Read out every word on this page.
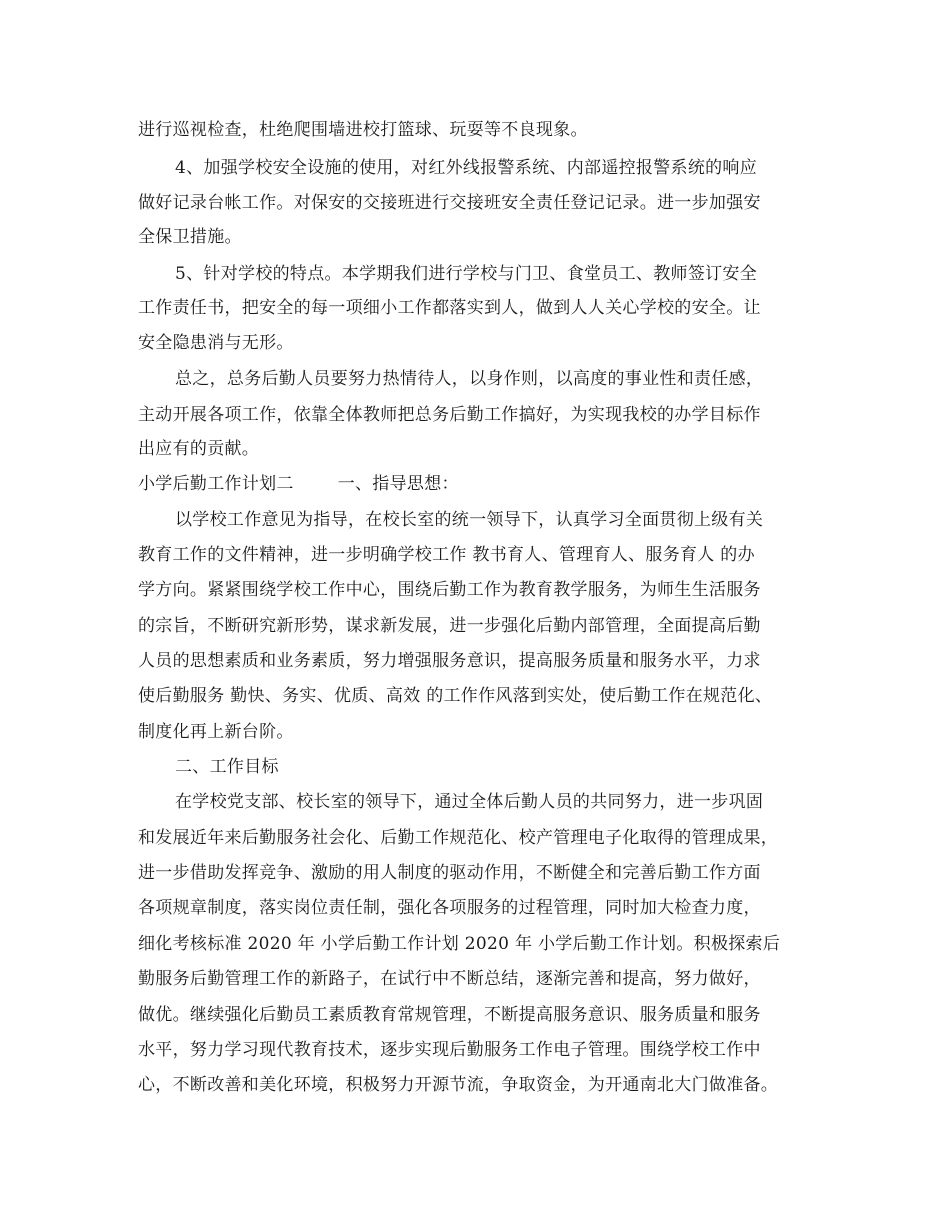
进行巡视检查，杜绝爬围墙进校打篮球、玩耍等不良现象。
4、加强学校安全设施的使用，对红外线报警系统、内部遥控报警系统的响应
做好记录台帐工作。对保安的交接班进行交接班安全责任登记记录。进一步加强安
全保卫措施。
5、针对学校的特点。本学期我们进行学校与门卫、食堂员工、教师签订安全
工作责任书，把安全的每一项细小工作都落实到人，做到人人关心学校的安全。让
安全隐患消与无形。
总之，总务后勤人员要努力热情待人，以身作则，以高度的事业性和责任感，
主动开展各项工作，依靠全体教师把总务后勤工作搞好，为实现我校的办学目标作
出应有的贡献。
小学后勤工作计划二	一、指导思想：
以学校工作意见为指导，在校长室的统一领导下，认真学习全面贯彻上级有关
教育工作的文件精神，进一步明确学校工作 教书育人、管理育人、服务育人 的办
学方向。紧紧围绕学校工作中心，围绕后勤工作为教育教学服务，为师生生活服务
的宗旨，不断研究新形势，谋求新发展，进一步强化后勤内部管理，全面提高后勤
人员的思想素质和业务素质，努力增强服务意识，提高服务质量和服务水平，力求
使后勤服务 勤快、务实、优质、高效 的工作作风落到实处，使后勤工作在规范化、
制度化再上新台阶。
二、工作目标
在学校党支部、校长室的领导下，通过全体后勤人员的共同努力，进一步巩固
和发展近年来后勤服务社会化、后勤工作规范化、校产管理电子化取得的管理成果，
进一步借助发挥竞争、激励的用人制度的驱动作用，不断健全和完善后勤工作方面
各项规章制度，落实岗位责任制，强化各项服务的过程管理，同时加大检查力度，
细化考核标准 2020 年 小学后勤工作计划 2020 年 小学后勤工作计划。积极探索后
勤服务后勤管理工作的新路子，在试行中不断总结，逐渐完善和提高，努力做好，
做优。继续强化后勤员工素质教育常规管理，不断提高服务意识、服务质量和服务
水平，努力学习现代教育技术，逐步实现后勤服务工作电子管理。围绕学校工作中
心，不断改善和美化环境，积极努力开源节流，争取资金，为开通南北大门做准备。
